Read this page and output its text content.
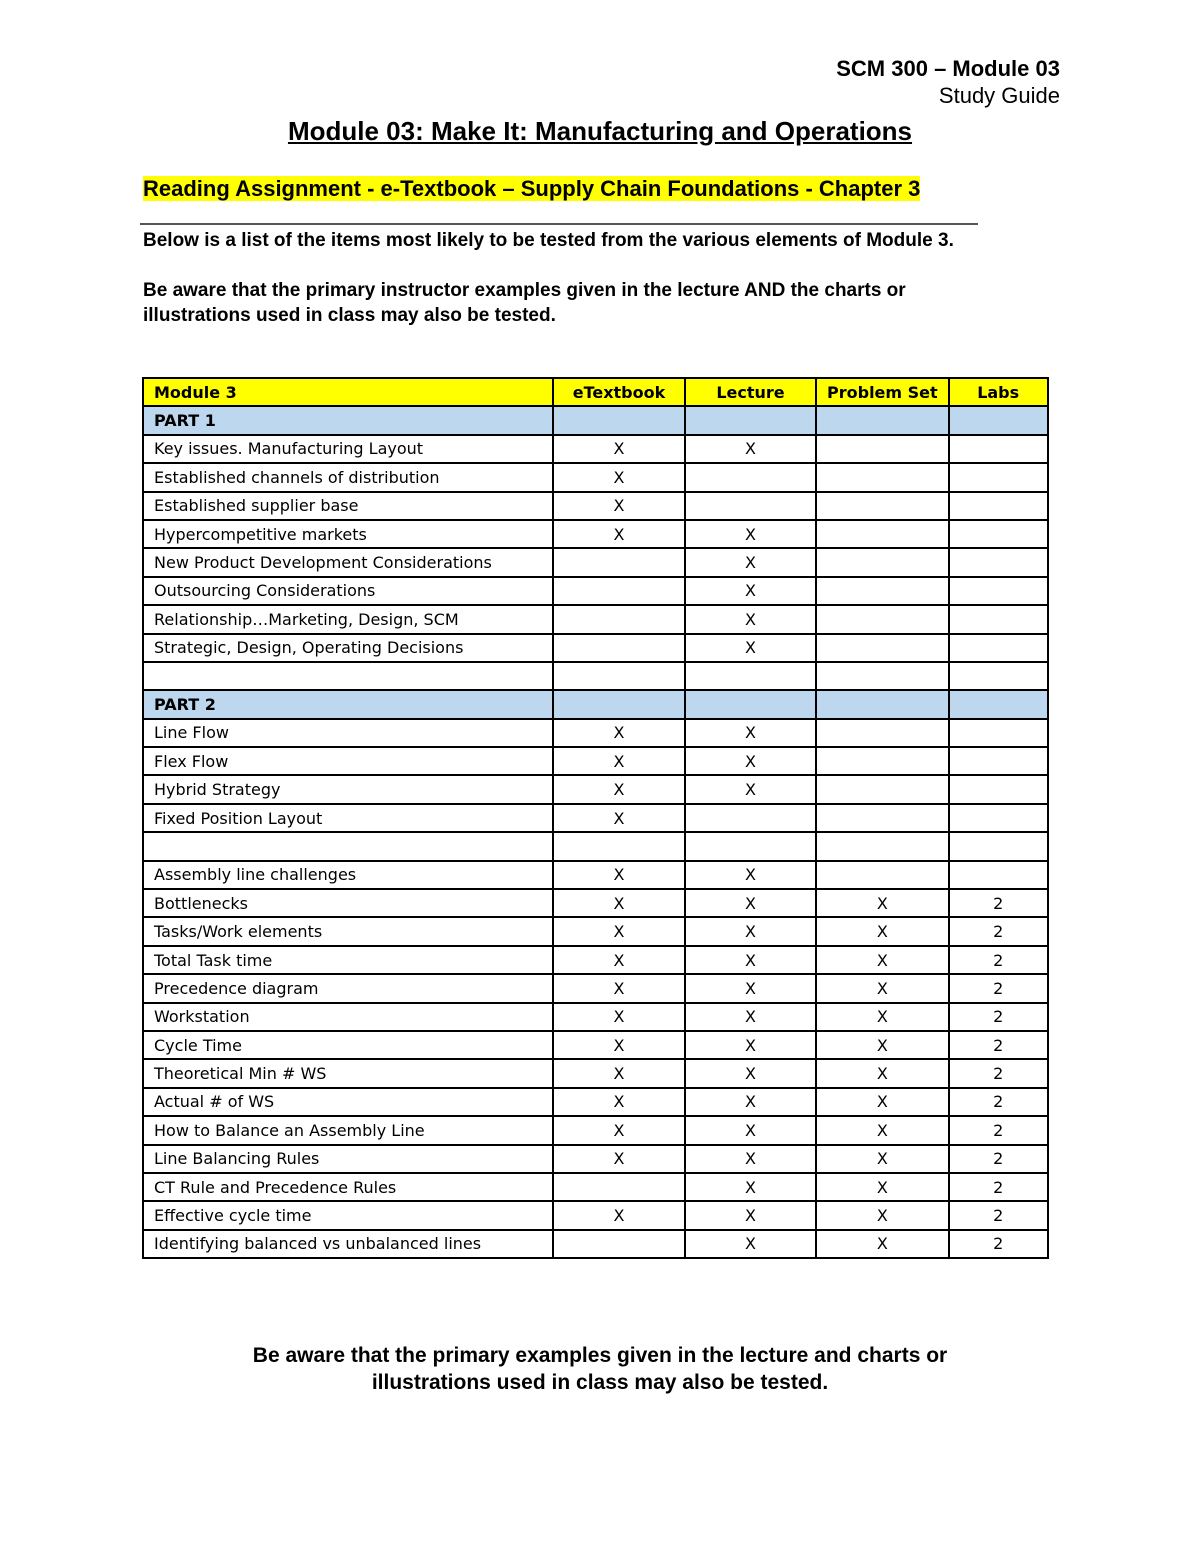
SCM 300 – Module 03
Study Guide
Module 03: Make It: Manufacturing and Operations
Reading Assignment - e-Textbook – Supply Chain Foundations - Chapter 3

Below is a list of the items most likely to be tested from the various elements of Module 3.

Be aware that the primary instructor examples given in the lecture AND the charts or illustrations used in class may also be tested.

Module 3	eTextbook	Lecture	Problem Set	Labs
PART 1				
Key issues. Manufacturing Layout	X	X		
Established channels of distribution	X			
Established supplier base	X			
Hypercompetitive markets	X	X		
New Product Development Considerations		X		
Outsourcing Considerations		X		
Relationship…Marketing, Design, SCM		X		
Strategic, Design, Operating Decisions		X		

PART 2				
Line Flow	X	X		
Flex Flow	X	X		
Hybrid Strategy	X	X		
Fixed Position Layout	X			

Assembly line challenges	X	X		
Bottlenecks	X	X	X	2
Tasks/Work elements	X	X	X	2
Total Task time	X	X	X	2
Precedence diagram	X	X	X	2
Workstation	X	X	X	2
Cycle Time	X	X	X	2
Theoretical Min # WS	X	X	X	2
Actual # of WS	X	X	X	2
How to Balance an Assembly Line	X	X	X	2
Line Balancing Rules	X	X	X	2
CT Rule and Precedence Rules		X	X	2
Effective cycle time	X	X	X	2
Identifying balanced vs unbalanced lines		X	X	2
Be aware that the primary examples given in the lecture and charts or
illustrations used in class may also be tested.
